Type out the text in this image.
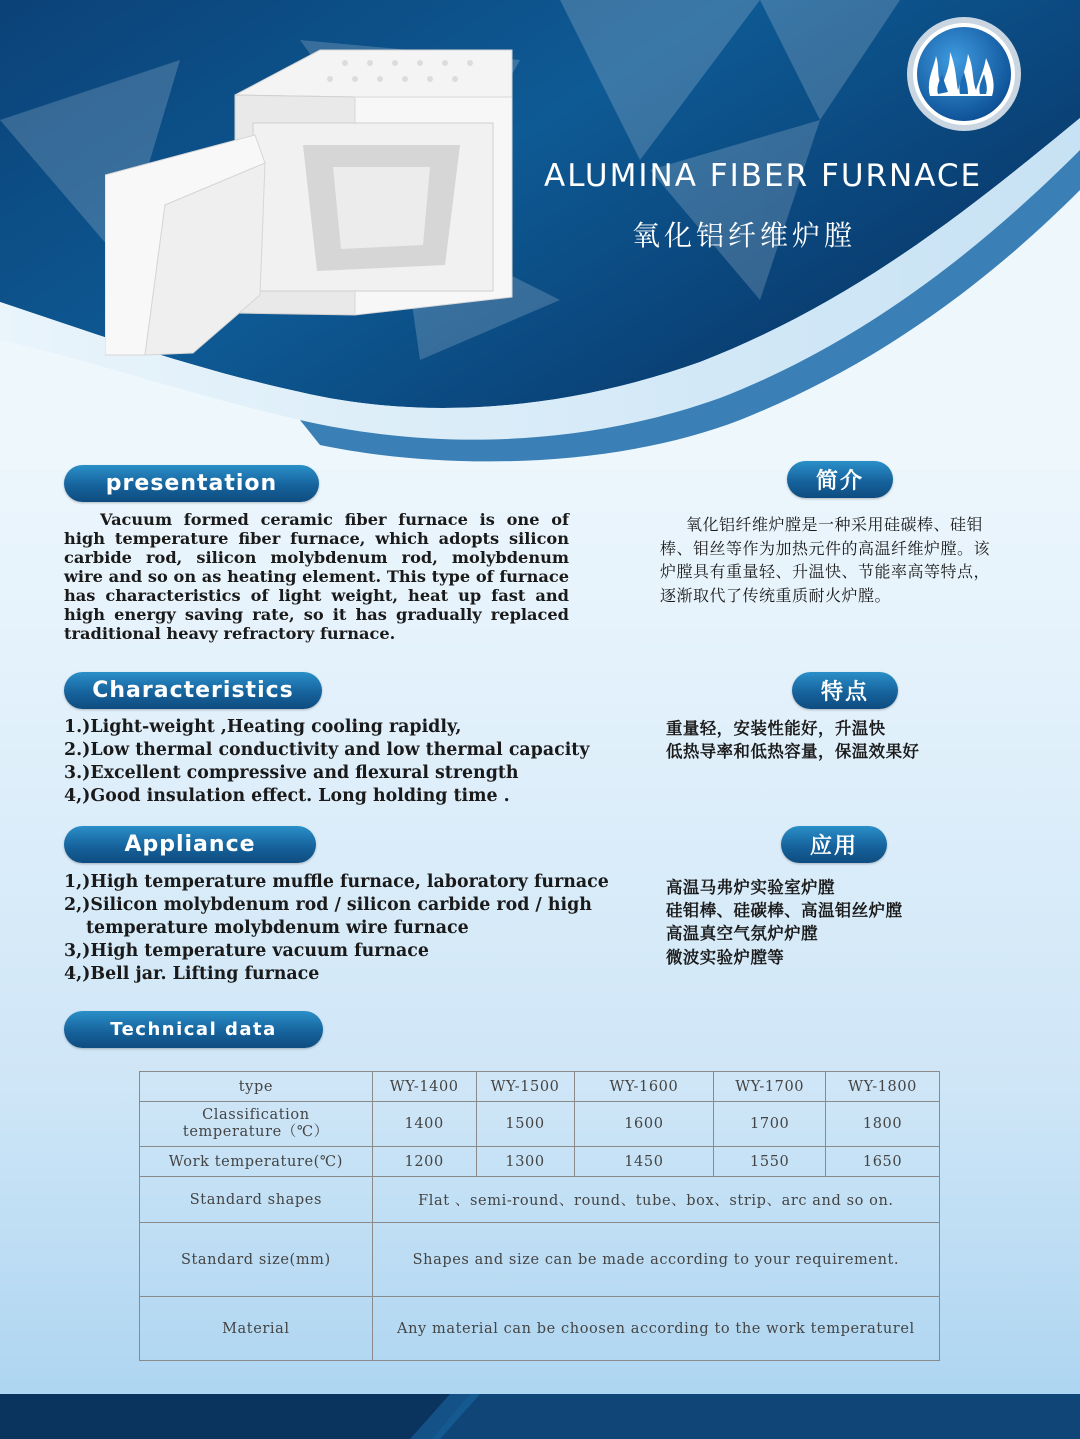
ALUMINA FIBER FURNACE
氧化铝纤维炉膛
presentation	简介

Vacuum formed ceramic fiber furnace is one of high temperature fiber furnace, which adopts silicon carbide rod, silicon molybdenum rod, molybdenum wire and so on as heating element. This type of furnace has characteristics of light weight, heat up fast and high energy saving rate, so it has gradually replaced traditional heavy refractory furnace.

氧化铝纤维炉膛是一种采用硅碳棒、硅钼棒、钼丝等作为加热元件的高温纤维炉膛。该炉膛具有重量轻、升温快、节能率高等特点，逐渐取代了传统重质耐火炉膛。

Characteristics	特点
1.)Light-weight ,Heating cooling rapidly,
2.)Low thermal conductivity and low thermal capacity
3.)Excellent compressive and flexural strength
4,)Good insulation effect. Long holding time .
重量轻，安装性能好，升温快
低热导率和低热容量，保温效果好
Appliance	应用
1,)High temperature muffle furnace, laboratory furnace
2,)Silicon molybdenum rod / silicon carbide rod / high
temperature molybdenum wire furnace
3,)High temperature vacuum furnace
4,)Bell jar. Lifting furnace
高温马弗炉实验室炉膛
硅钼棒、硅碳棒、高温钼丝炉膛
高温真空气氛炉炉膛
微波实验炉膛等
Technical data
type	WY-1400	WY-1500	WY-1600	WY-1700	WY-1800

Classification
temperature（℃）	1400	1500	1600	1700	1800
Work temperature(℃)	1200	1300	1450	1550	1650
Standard shapes	Flat 、semi-round、round、tube、box、strip、arc and so on.				
Standard size(mm)	Shapes and size can be made according to your requirement.				
Material	Any material can be choosen according to the work temperaturel				
